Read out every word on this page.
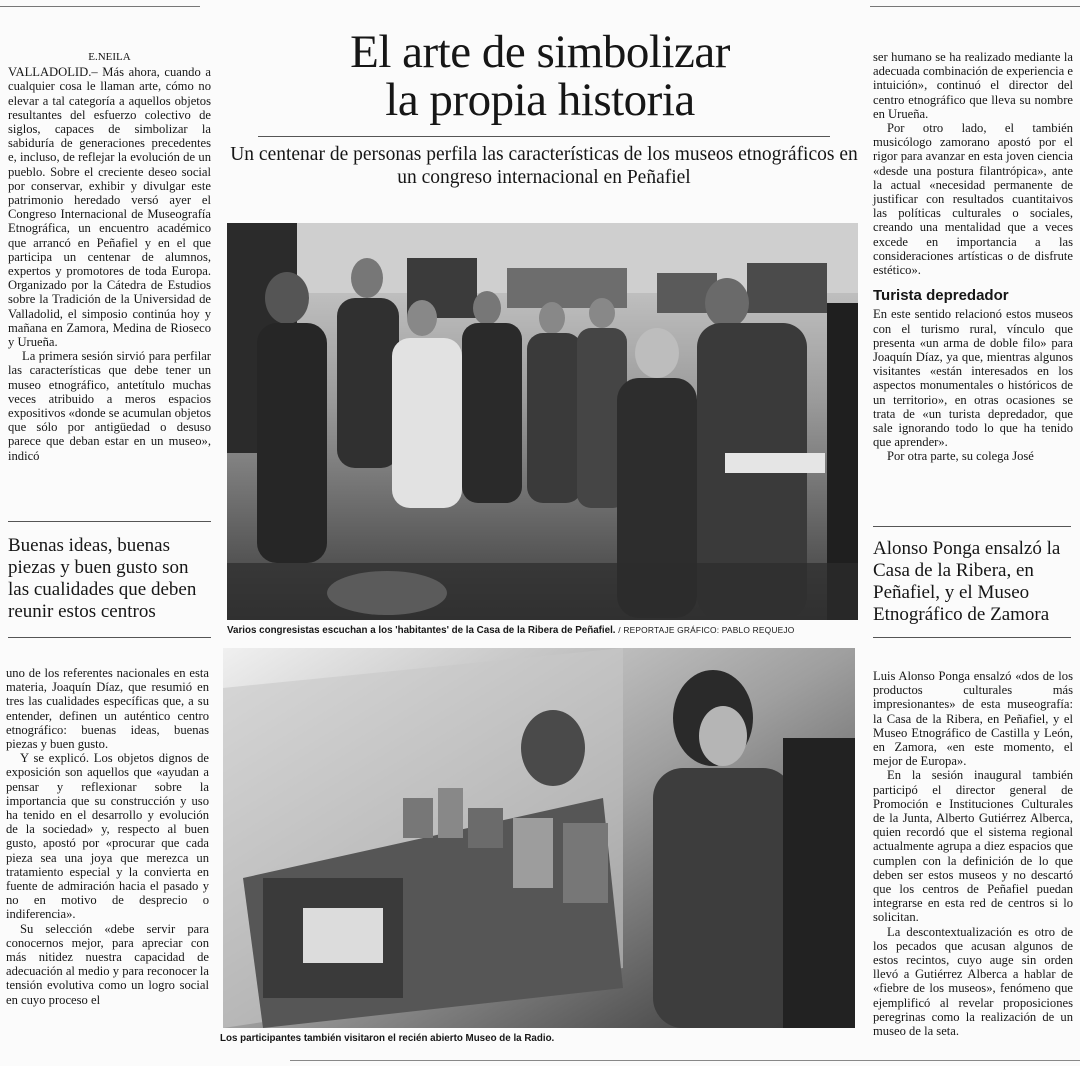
E.NEILA

VALLADOLID.– Más ahora, cuando a cualquier cosa le llaman arte, cómo no elevar a tal categoría a aquellos objetos resultantes del esfuerzo colectivo de siglos, capaces de simbolizar la sabiduría de generaciones precedentes e, incluso, de reflejar la evolución de un pueblo. Sobre el creciente deseo social por conservar, exhibir y divulgar este patrimonio heredado versó ayer el Congreso Internacional de Museografía Etnográfica, un encuentro académico que arrancó en Peñafiel y en el que participa un centenar de alumnos, expertos y promotores de toda Europa. Organizado por la Cátedra de Estudios sobre la Tradición de la Universidad de Valladolid, el simposio continúa hoy y mañana en Zamora, Medina de Rioseco y Urueña.

La primera sesión sirvió para perfilar las características que debe tener un museo etnográfico, antetítulo muchas veces atribuido a meros espacios expositivos «donde se acumulan objetos que sólo por antigüedad o desuso parece que deban estar en un museo», indicó

El arte de simbolizar
la propia historia
Un centenar de personas perfila las características de los museos etnográficos en un congreso internacional en Peñafiel
Varios congresistas escuchan a los 'habitantes' de la Casa de la Ribera de Peñafiel. / REPORTAJE GRÁFICO: PABLO REQUEJO
Buenas ideas, buenas piezas y buen gusto son las cualidades que deben reunir estos centros

uno de los referentes nacionales en esta materia, Joaquín Díaz, que resumió en tres las cualidades específicas que, a su entender, definen un auténtico centro etnográfico: buenas ideas, buenas piezas y buen gusto.

Y se explicó. Los objetos dignos de exposición son aquellos que «ayudan a pensar y reflexionar sobre la importancia que su construcción y uso ha tenido en el desarrollo y evolución de la sociedad» y, respecto al buen gusto, apostó por «procurar que cada pieza sea una joya que merezca un tratamiento especial y la convierta en fuente de admiración hacia el pasado y no en motivo de desprecio o indiferencia».

Su selección «debe servir para conocernos mejor, para apreciar con más nitidez nuestra capacidad de adecuación al medio y para reconocer la tensión evolutiva como un logro social en cuyo proceso el

Los participantes también visitaron el recién abierto Museo de la Radio.

ser humano se ha realizado mediante la adecuada combinación de experiencia e intuición», continuó el director del centro etnográfico que lleva su nombre en Urueña.

Por otro lado, el también musicólogo zamorano apostó por el rigor para avanzar en esta joven ciencia «desde una postura filantrópica», ante la actual «necesidad permanente de justificar con resultados cuantitaivos las políticas culturales o sociales, creando una mentalidad que a veces excede en importancia a las consideraciones artísticas o de disfrute estético».

Turista depredador

En este sentido relacionó estos museos con el turismo rural, vínculo que presenta «un arma de doble filo» para Joaquín Díaz, ya que, mientras algunos visitantes «están interesados en los aspectos monumentales o históricos de un territorio», en otras ocasiones se trata de «un turista depredador, que sale ignorando todo lo que ha tenido que aprender».

Por otra parte, su colega José

Alonso Ponga ensalzó la Casa de la Ribera, en Peñafiel, y el Museo Etnográfico de Zamora

Luis Alonso Ponga ensalzó «dos de los productos culturales más impresionantes» de esta museografía: la Casa de la Ribera, en Peñafiel, y el Museo Etnográfico de Castilla y León, en Zamora, «en este momento, el mejor de Europa».

En la sesión inaugural también participó el director general de Promoción e Instituciones Culturales de la Junta, Alberto Gutiérrez Alberca, quien recordó que el sistema regional actualmente agrupa a diez espacios que cumplen con la definición de lo que deben ser estos museos y no descartó que los centros de Peñafiel puedan integrarse en esta red de centros si lo solicitan.

La descontextualización es otro de los pecados que acusan algunos de estos recintos, cuyo auge sin orden llevó a Gutiérrez Alberca a hablar de «fiebre de los museos», fenómeno que ejemplificó al revelar proposiciones peregrinas como la realización de un museo de la seta.
